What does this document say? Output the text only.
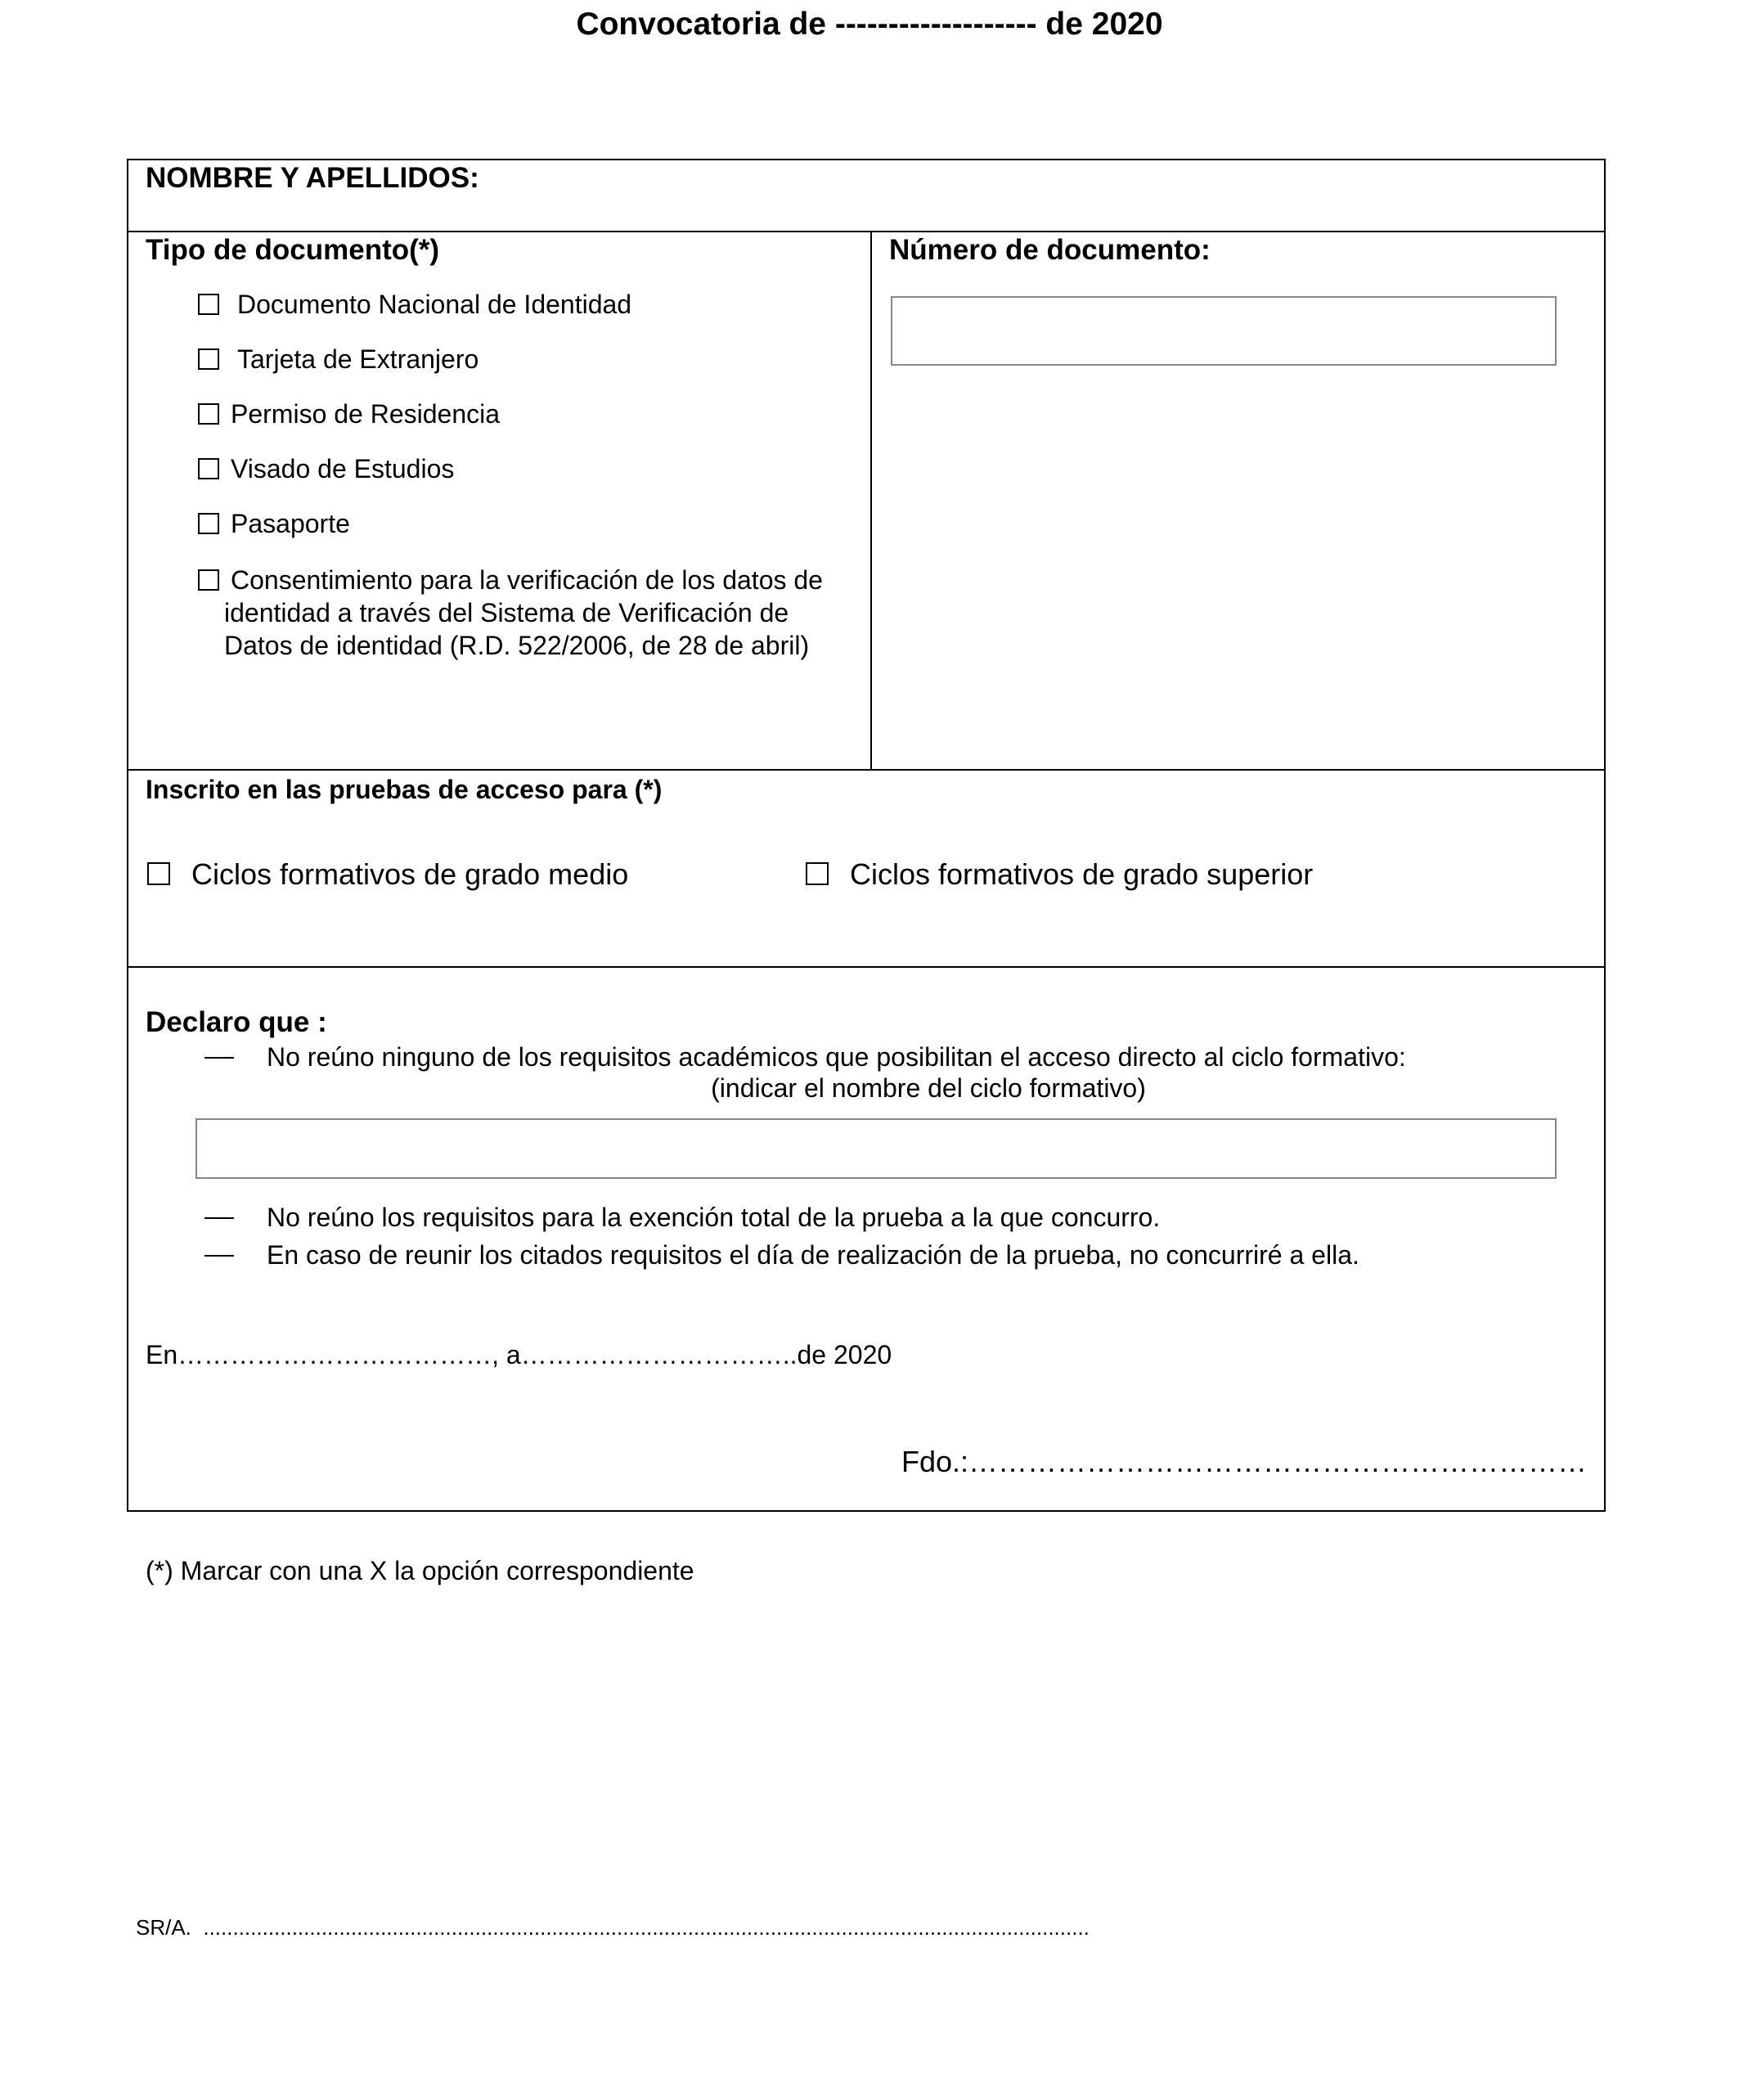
Convocatoria de ------------------- de 2020
NOMBRE Y APELLIDOS:
Tipo de documento(*)
Documento Nacional de Identidad
Tarjeta de Extranjero
Permiso de Residencia
Visado de Estudios
Pasaporte
Consentimiento para la verificación de los datos de
identidad a través del Sistema de Verificación de
Datos de identidad (R.D. 522/2006, de 28 de abril)
Número de documento:
Inscrito en las pruebas de acceso para (*)
Ciclos formativos de grado medio	Ciclos formativos de grado superior
Declaro que :
No reúno ninguno de los requisitos académicos que posibilitan el acceso directo al ciclo formativo:
(indicar el nombre del ciclo formativo)
No reúno los requisitos para la exención total de la prueba a la que concurro.
En caso de reunir los citados requisitos el día de realización de la prueba, no concurriré a ella.
En………………………………, a…………………………..de 2020
Fdo.:………………………………………………………
(*) Marcar con una X la opción correspondiente
SR/A.  ......................................................................................................................................................
